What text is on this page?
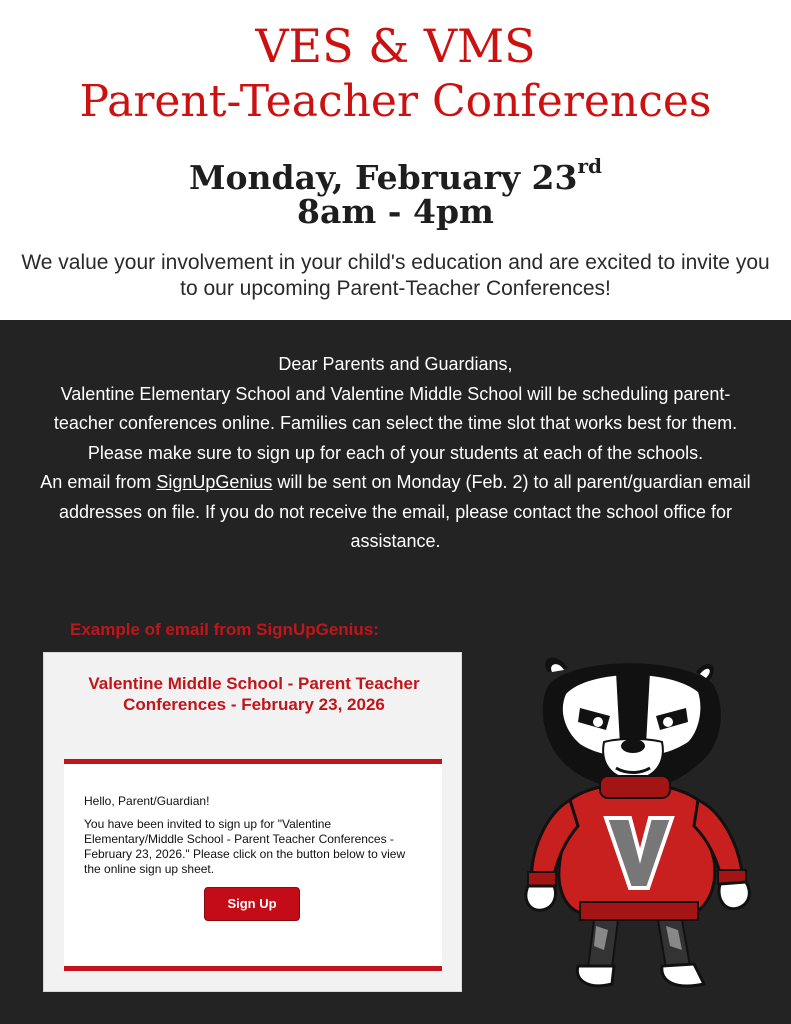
VES & VMS
Parent-Teacher Conferences
Monday, February 23rd
8am - 4pm
We value your involvement in your child's education and are excited to invite you to our upcoming Parent-Teacher Conferences!
Dear Parents and Guardians,
Valentine Elementary School and Valentine Middle School will be scheduling parent-teacher conferences online. Families can select the time slot that works best for them. Please make sure to sign up for each of your students at each of the schools.
An email from SignUpGenius will be sent on Monday (Feb. 2) to all parent/guardian email addresses on file. If you do not receive the email, please contact the school office for assistance.
Example of email from SignUpGenius:
Valentine Middle School - Parent Teacher Conferences - February 23, 2026
Hello, Parent/Guardian!
You have been invited to sign up for "Valentine Elementary/Middle School - Parent Teacher Conferences - February 23, 2026." Please click on the button below to view the online sign up sheet.
Sign Up
